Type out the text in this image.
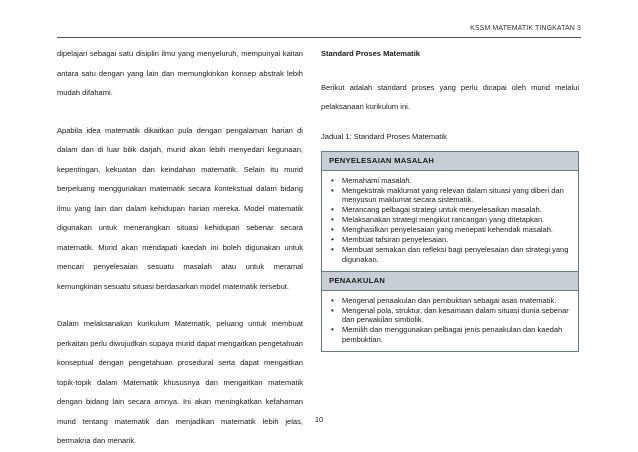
KSSM MATEMATIK TINGKATAN 3

dipelajari sebagai satu disiplin ilmu yang menyeluruh, mempunyai kaitan antara satu dengan yang lain dan memungkinkan konsep abstrak lebih mudah difahami.

Apabila idea matematik dikaitkan pula dengan pengalaman harian di dalam dan di luar bilik darjah, murid akan lebih menyedari kegunaan, kepentingan, kekuatan dan keindahan matematik. Selain itu murid berpeluang menggunakan matematik secara kontekstual dalam bidang ilmu yang lain dan dalam kehidupan harian mereka. Model matematik digunakan untuk menerangkan situasi kehidupan sebenar secara matematik. Murid akan mendapati kaedah ini boleh digunakan untuk mencari penyelesaian sesuatu masalah atau untuk meramal kemungkinan sesuatu situasi berdasarkan model matematik tersebut.

Dalam melaksanakan kurikulum Matematik, peluang untuk membuat perkaitan perlu diwujudkan supaya murid dapat mengaitkan pengetahuan konseptual dengan pengetahuan prosedural serta dapat mengaitkan topik-topik dalam Matematik khususnya dan mengaitkan matematik dengan bidang lain secara amnya. Ini akan meningkatkan kefahaman murid tentang matematik dan menjadikan matematik lebih jelas, bermakna dan menarik.

Standard Proses Matematik

Berikut adalah standard proses yang perlu dicapai oleh murid melalui pelaksanaan kurikulum ini.

Jadual 1: Standard Proses Matematik

PENYELESAIAN MASALAH

• Memahami masalah.
• Mengekstrak maklumat yang relevan dalam situasi yang diberi dan menyusun maklumat secara sistematik.
• Merancang pelbagai strategi untuk menyelesaikan masalah.
• Melaksanakan strategi mengikut rancangan yang ditetapkan.
• Menghasilkan penyelesaian yang menepati kehendak masalah.
• Membuat tafsiran penyelesaian.
• Membuat semakan dan refleksi bagi penyelesaian dan strategi yang digunakan.

PENAAKULAN

• Mengenal penaakulan dan pembuktian sebagai asas matematik.
• Mengenal pola, struktur, dan kesamaan dalam situasi dunia sebenar dan perwakilan simbolik.
• Memilih dan menggunakan pelbagai jenis penaakulan dan kaedah pembuktian.
10
